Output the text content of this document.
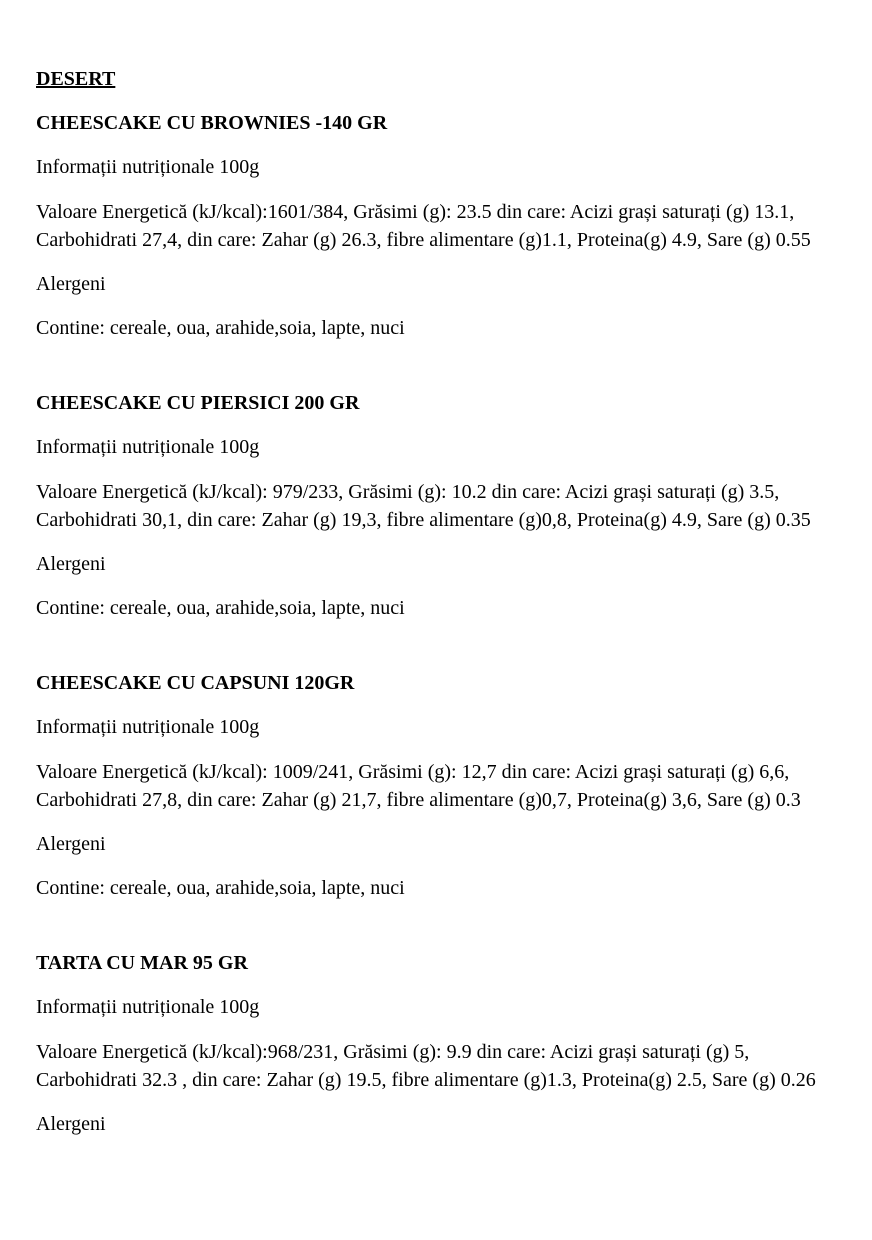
DESERT
CHEESCAKE CU BROWNIES -140 GR
Informații nutriționale 100g
Valoare Energetică (kJ/kcal):1601/384, Grăsimi (g): 23.5 din care: Acizi grași saturați (g) 13.1,
Carbohidrati 27,4, din care: Zahar (g) 26.3, fibre alimentare (g)1.1, Proteina(g) 4.9, Sare (g) 0.55
Alergeni
Contine: cereale, oua, arahide,soia, lapte, nuci
CHEESCAKE CU PIERSICI 200 GR
Informații nutriționale 100g
Valoare Energetică (kJ/kcal): 979/233, Grăsimi (g): 10.2 din care: Acizi grași saturați (g) 3.5,
Carbohidrati 30,1, din care: Zahar (g) 19,3, fibre alimentare (g)0,8, Proteina(g) 4.9, Sare (g) 0.35
Alergeni
Contine: cereale, oua, arahide,soia, lapte, nuci
CHEESCAKE CU CAPSUNI 120GR
Informații nutriționale 100g
Valoare Energetică (kJ/kcal): 1009/241, Grăsimi (g): 12,7 din care: Acizi grași saturați (g) 6,6,
Carbohidrati 27,8, din care: Zahar (g) 21,7, fibre alimentare (g)0,7, Proteina(g) 3,6, Sare (g) 0.3
Alergeni
Contine: cereale, oua, arahide,soia, lapte, nuci
TARTA CU MAR 95 GR
Informații nutriționale 100g
Valoare Energetică (kJ/kcal):968/231, Grăsimi (g): 9.9 din care: Acizi grași saturați (g) 5,
Carbohidrati 32.3 , din care: Zahar (g) 19.5, fibre alimentare (g)1.3, Proteina(g) 2.5, Sare (g) 0.26
Alergeni
